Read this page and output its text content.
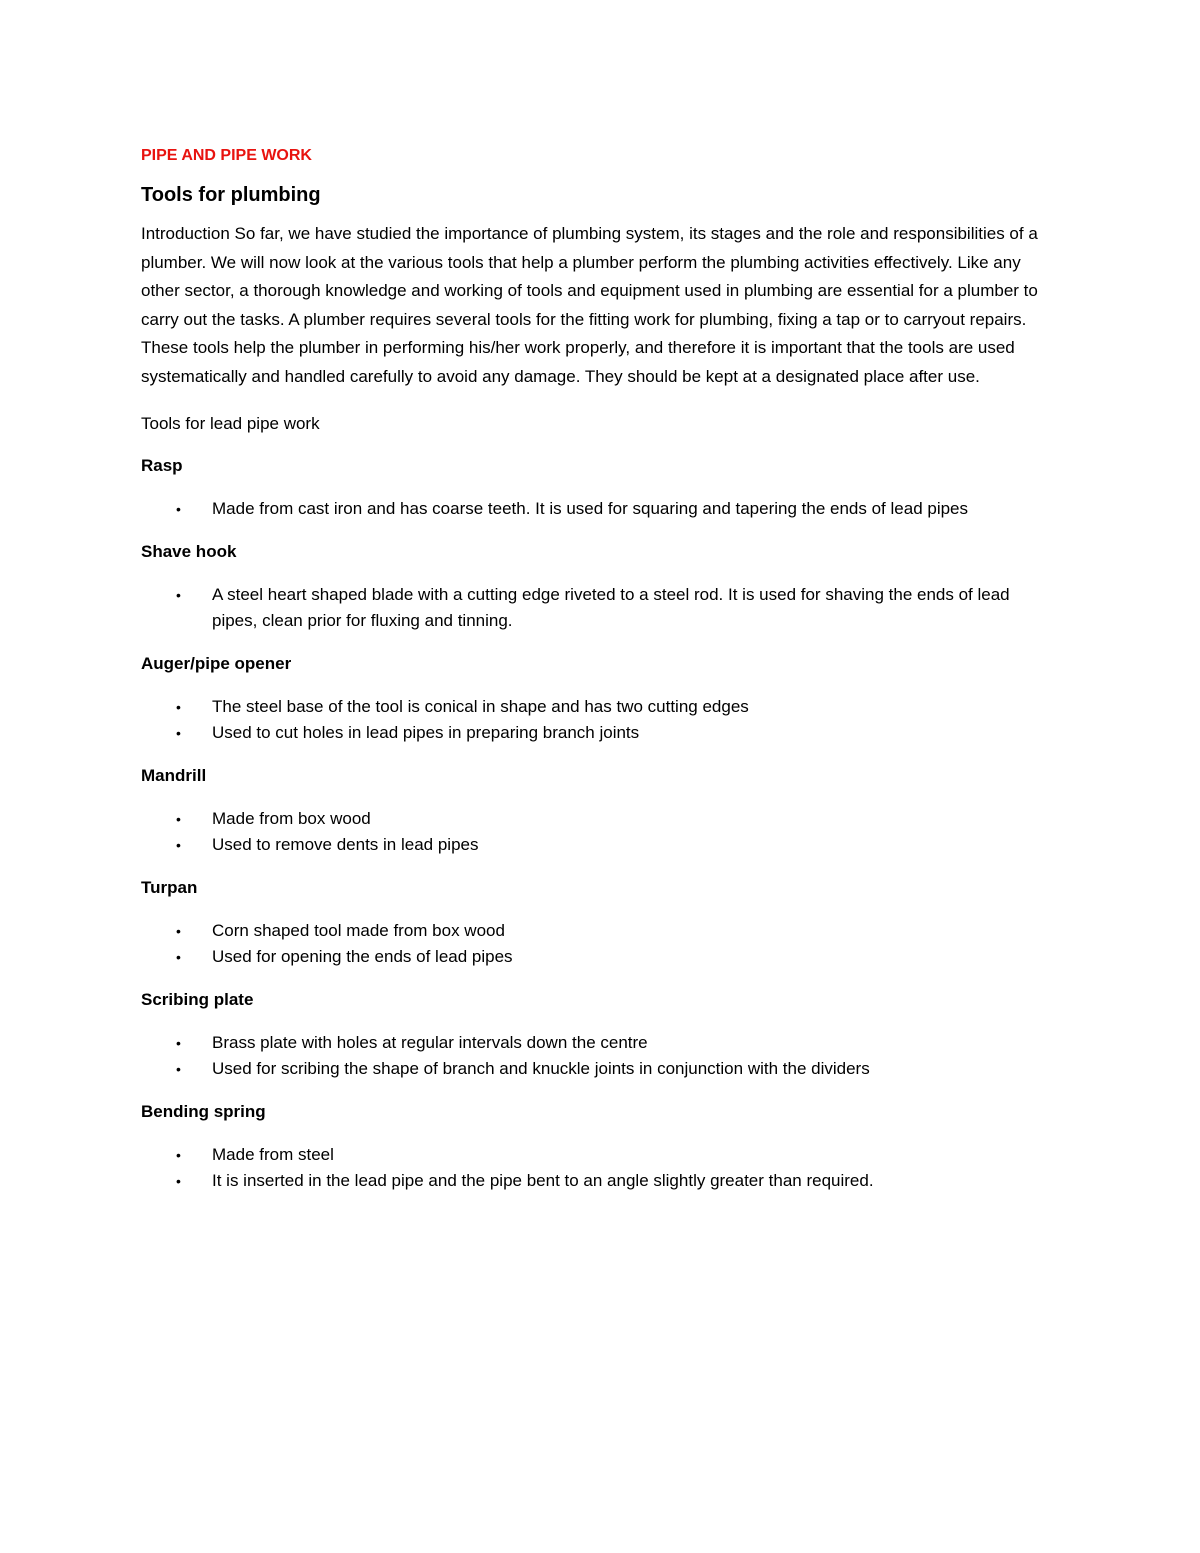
PIPE AND PIPE WORK
Tools for plumbing

Introduction So far, we have studied the importance of plumbing system, its stages and the role and responsibilities of a plumber. We will now look at the various tools that help a plumber perform the plumbing activities effectively. Like any other sector, a thorough knowledge and working of tools and equipment used in plumbing are essential for a plumber to carry out the tasks. A plumber requires several tools for the fitting work for plumbing, fixing a tap or to carryout repairs. These tools help the plumber in performing his/her work properly, and therefore it is important that the tools are used systematically and handled carefully to avoid any damage. They should be kept at a designated place after use.

Tools for lead pipe work

Rasp

• Made from cast iron and has coarse teeth. It is used for squaring and tapering the ends of lead pipes

Shave hook

• A steel heart shaped blade with a cutting edge riveted to a steel rod. It is used for shaving the ends of lead pipes, clean prior for fluxing and tinning.

Auger/pipe opener

• The steel base of the tool is conical in shape and has two cutting edges
• Used to cut holes in lead pipes in preparing branch joints

Mandrill

• Made from box wood
• Used to remove dents in lead pipes

Turpan

• Corn shaped tool made from box wood
• Used for opening the ends of lead pipes

Scribing plate

• Brass plate with holes at regular intervals down the centre
• Used for scribing the shape of branch and knuckle joints in conjunction with the dividers

Bending spring

• Made from steel
• It is inserted in the lead pipe and the pipe bent to an angle slightly greater than required.
